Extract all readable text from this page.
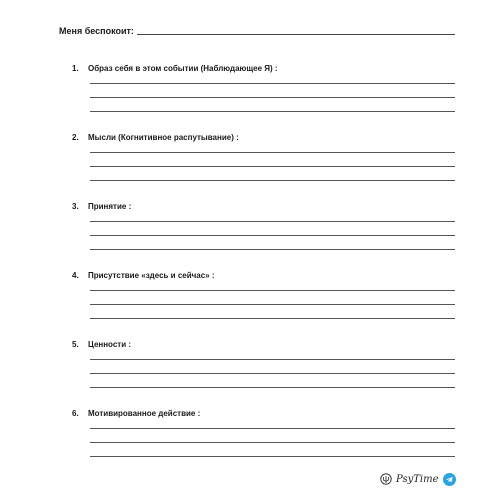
Меня беспокоит:
1.	Образ себя в этом событии (Наблюдающее Я) :
2.	Мысли (Когнитивное распутывание) :
3.	Принятие :
4.	Присутствие «здесь и сейчас» :
5.	Ценности :
6.	Мотивированное действие :
PsyTime
